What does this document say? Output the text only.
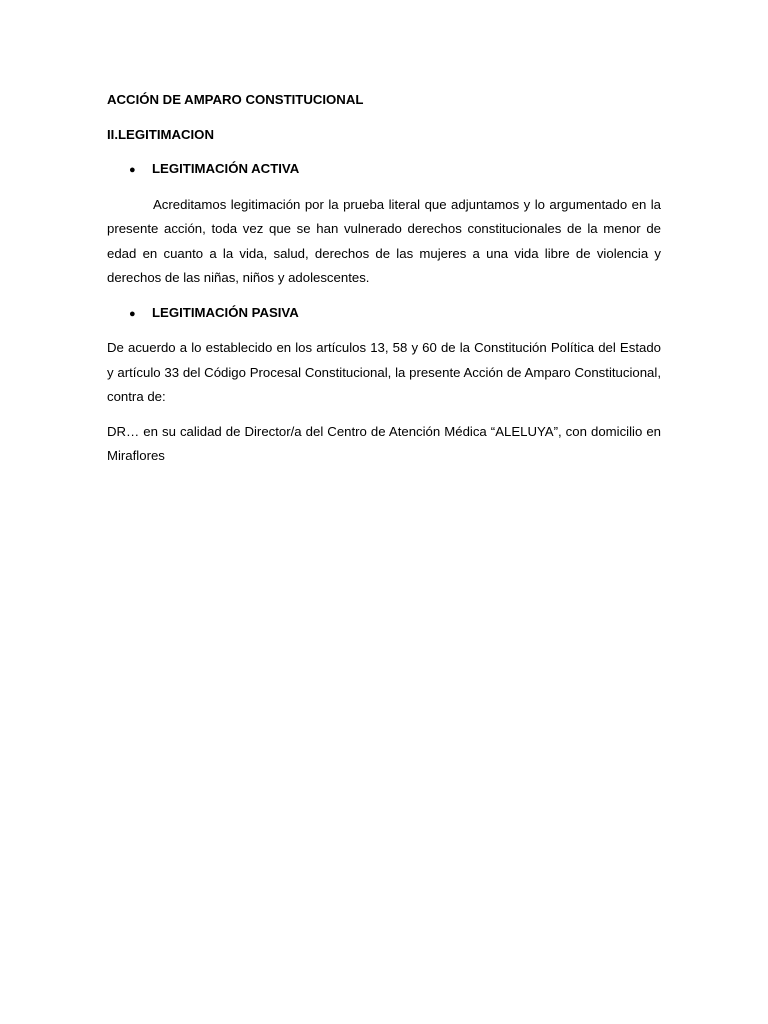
ACCIÓN DE AMPARO CONSTITUCIONAL

II.LEGITIMACION

●	LEGITIMACIÓN ACTIVA

Acreditamos legitimación por la prueba literal que adjuntamos y lo argumentado en la presente acción, toda vez que se han vulnerado derechos constitucionales de la menor de edad en cuanto a la vida, salud, derechos de las mujeres a una vida libre de violencia y derechos de las niñas, niños y adolescentes.

●	LEGITIMACIÓN PASIVA

De acuerdo a lo establecido en los artículos 13, 58 y 60 de la Constitución Política del Estado y artículo 33 del Código Procesal Constitucional, la presente Acción de Amparo Constitucional, contra de:

DR… en su calidad de Director/a del Centro de Atención Médica “ALELUYA”, con domicilio en Miraflores
